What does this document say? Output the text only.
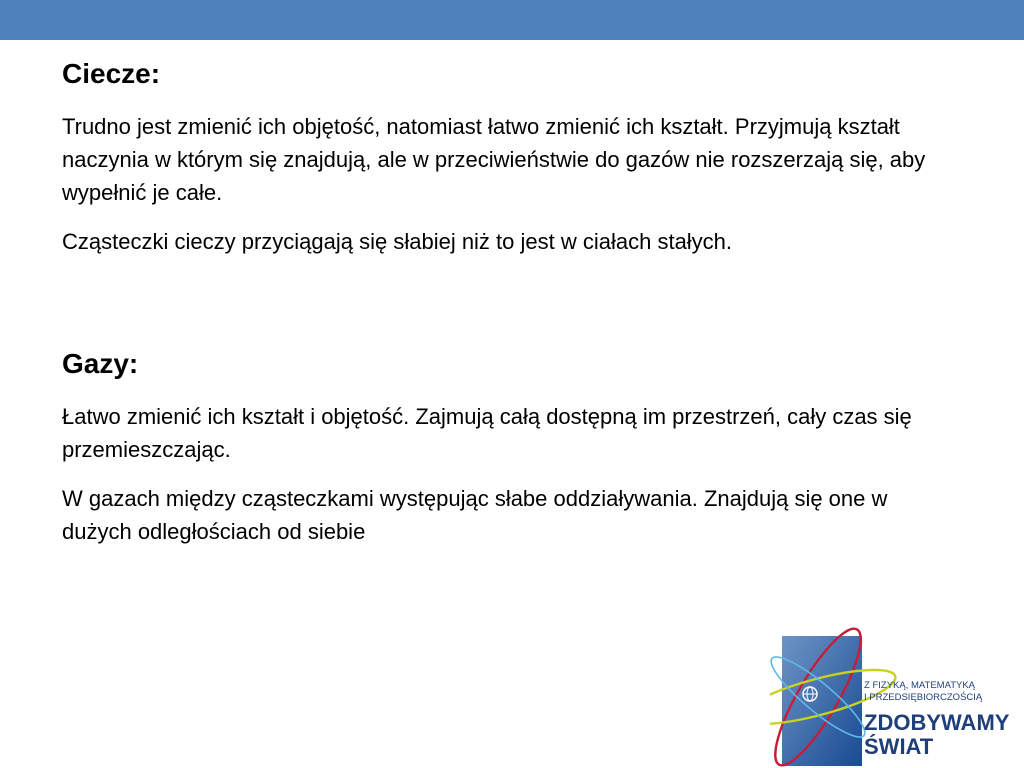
Ciecze:

Trudno jest zmienić ich objętość, natomiast łatwo zmienić ich kształt. Przyjmują kształt naczynia w którym się znajdują, ale w przeciwieństwie do gazów nie rozszerzają się, aby wypełnić je całe.

Cząsteczki cieczy przyciągają się słabiej niż to jest w ciałach stałych.

Gazy:

Łatwo zmienić ich kształt i objętość. Zajmują całą dostępną im przestrzeń, cały czas się przemieszczając.

W gazach między cząsteczkami występując słabe oddziaływania. Znajdują się one w dużych odległościach od siebie

Z FIZYKĄ, MATEMATYKĄ
I PRZEDSIĘBIORCZOŚCIĄ
ZDOBYWAMY
ŚWIAT
